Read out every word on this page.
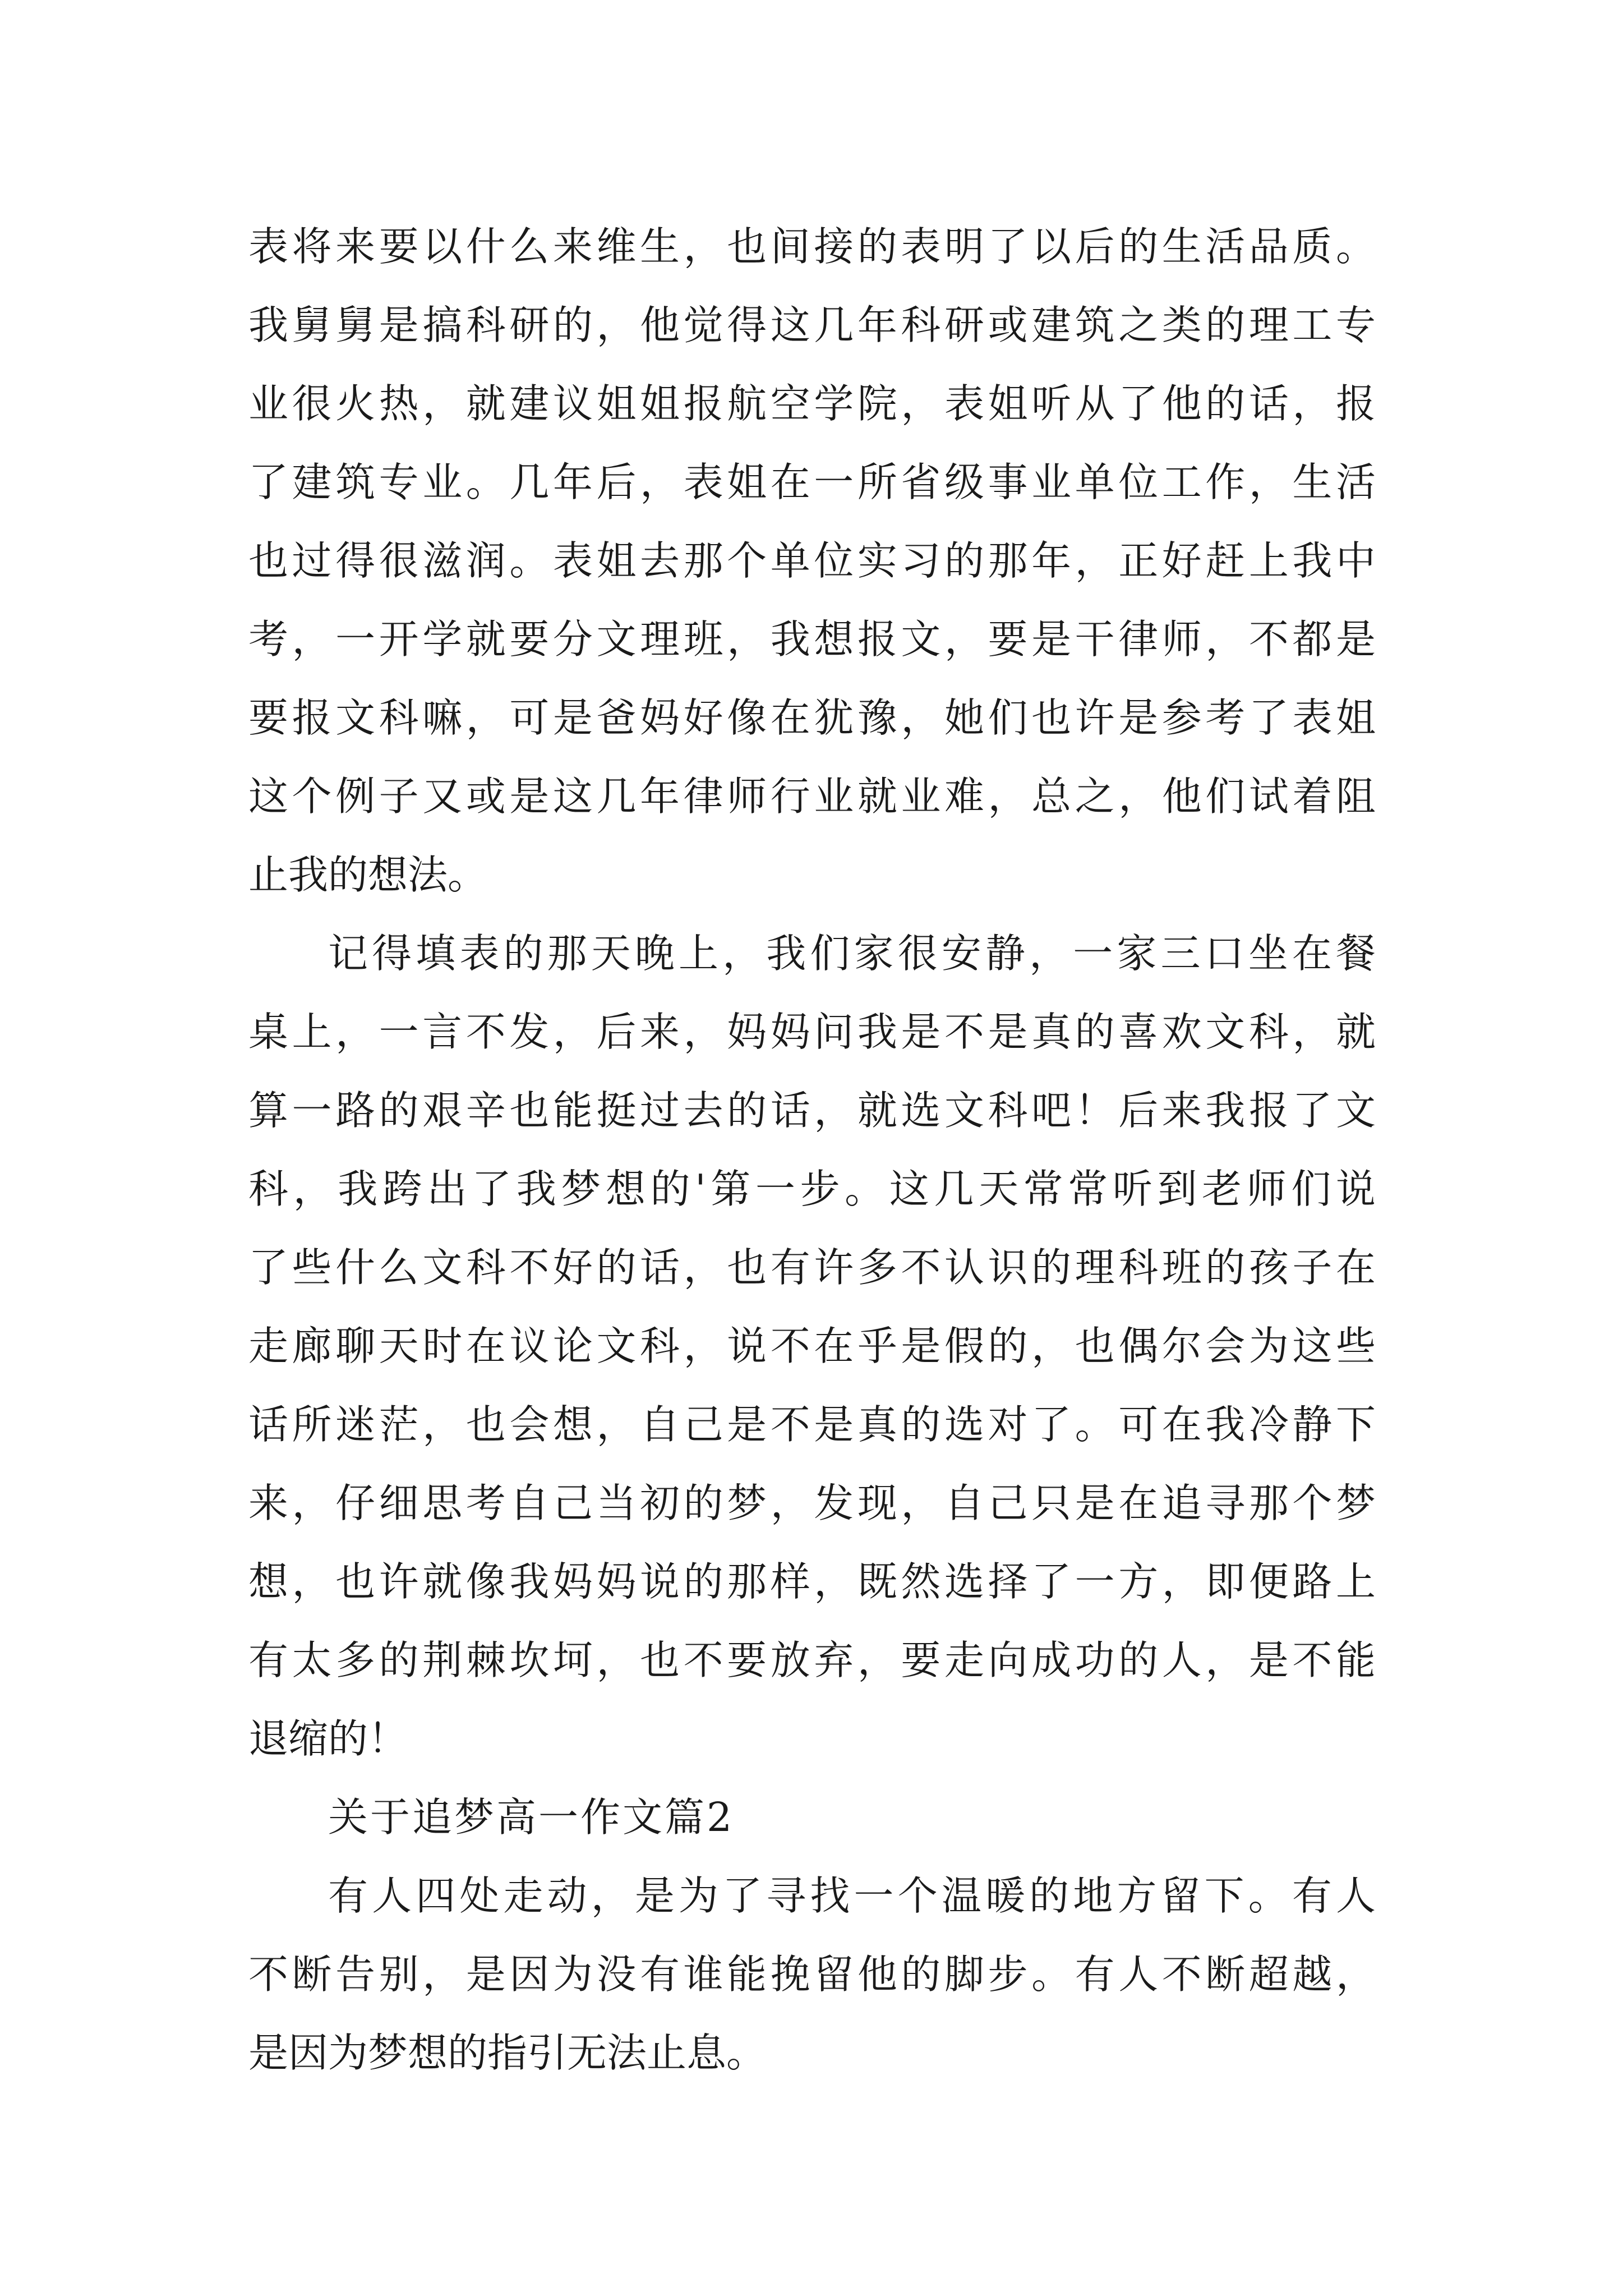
表将来要以什么来维生，也间接的表明了以后的生活品质。
我舅舅是搞科研的，他觉得这几年科研或建筑之类的理工专
业很火热，就建议姐姐报航空学院，表姐听从了他的话，报
了建筑专业。几年后，表姐在一所省级事业单位工作，生活
也过得很滋润。表姐去那个单位实习的那年，正好赶上我中
考，一开学就要分文理班，我想报文，要是干律师，不都是
要报文科嘛，可是爸妈好像在犹豫，她们也许是参考了表姐
这个例子又或是这几年律师行业就业难，总之，他们试着阻
止我的想法。
记得填表的那天晚上，我们家很安静，一家三口坐在餐
桌上，一言不发，后来，妈妈问我是不是真的喜欢文科，就
算一路的艰辛也能挺过去的话，就选文科吧！后来我报了文
科，我跨出了我梦想的'第一步。这几天常常听到老师们说
了些什么文科不好的话，也有许多不认识的理科班的孩子在
走廊聊天时在议论文科，说不在乎是假的，也偶尔会为这些
话所迷茫，也会想，自己是不是真的选对了。可在我冷静下
来，仔细思考自己当初的梦，发现，自己只是在追寻那个梦
想，也许就像我妈妈说的那样，既然选择了一方，即便路上
有太多的荆棘坎坷，也不要放弃，要走向成功的人，是不能
退缩的！
关于追梦高一作文篇2
有人四处走动，是为了寻找一个温暖的地方留下。有人
不断告别，是因为没有谁能挽留他的脚步。有人不断超越，
是因为梦想的指引无法止息。
